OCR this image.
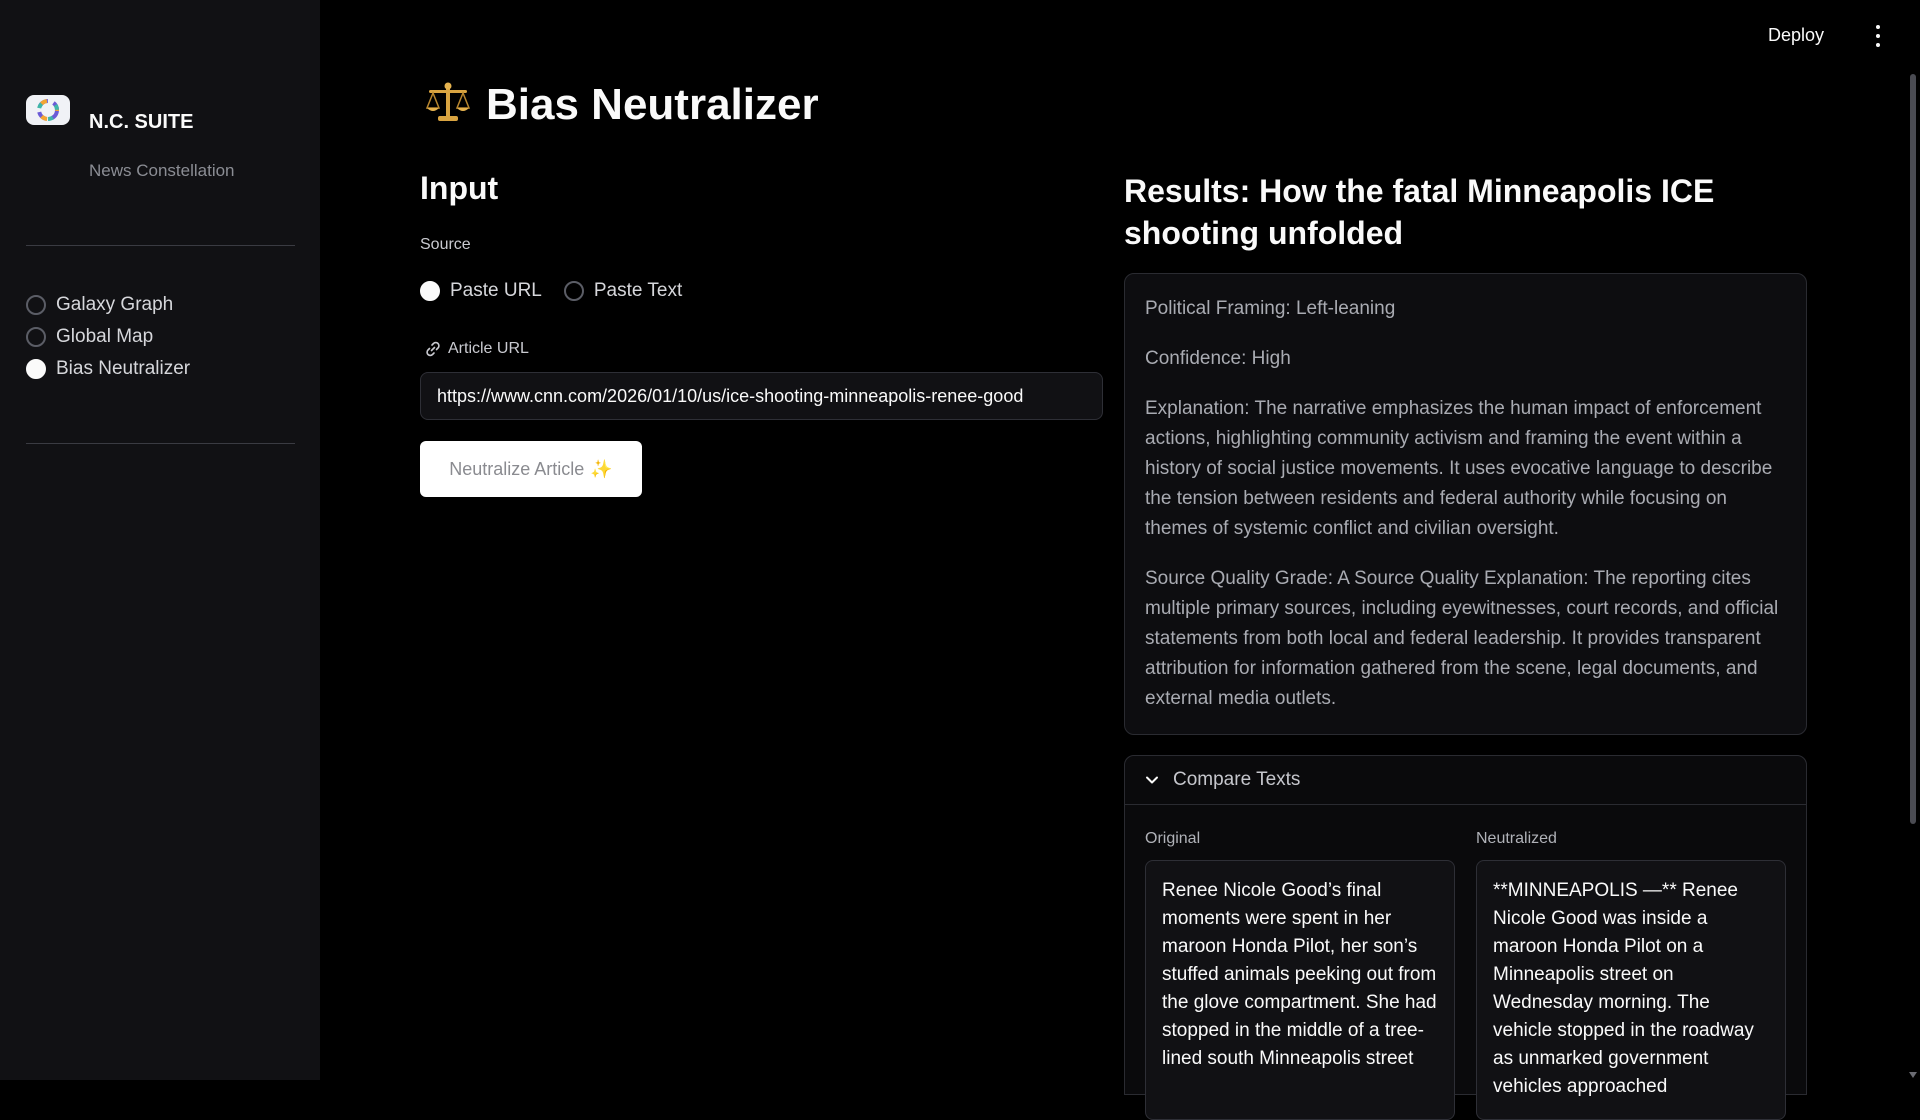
N.C. SUITE
News Constellation
Galaxy Graph
Global Map
Bias Neutralizer
Deploy
Bias Neutralizer
Input
Source
Paste URL	Paste Text
Article URL
https://www.cnn.com/2026/01/10/us/ice-shooting-minneapolis-renee-good
Neutralize Article ✨
Results: How the fatal Minneapolis ICE shooting unfolded

Political Framing: Left-leaning

Confidence: High

Explanation: The narrative emphasizes the human impact of enforcement actions, highlighting community activism and framing the event within a history of social justice movements. It uses evocative language to describe the tension between residents and federal authority while focusing on themes of systemic conflict and civilian oversight.

Source Quality Grade: A Source Quality Explanation: The reporting cites multiple primary sources, including eyewitnesses, court records, and official statements from both local and federal leadership. It provides transparent attribution for information gathered from the scene, legal documents, and external media outlets.

Compare Texts
Original
Renee Nicole Good’s final moments were spent in her maroon Honda Pilot, her son’s stuffed animals peeking out from the glove compartment. She had stopped in the middle of a tree-lined south Minneapolis street
Neutralized
**MINNEAPOLIS —** Renee Nicole Good was inside a maroon Honda Pilot on a Minneapolis street on Wednesday morning. The vehicle stopped in the roadway as unmarked government vehicles approached
